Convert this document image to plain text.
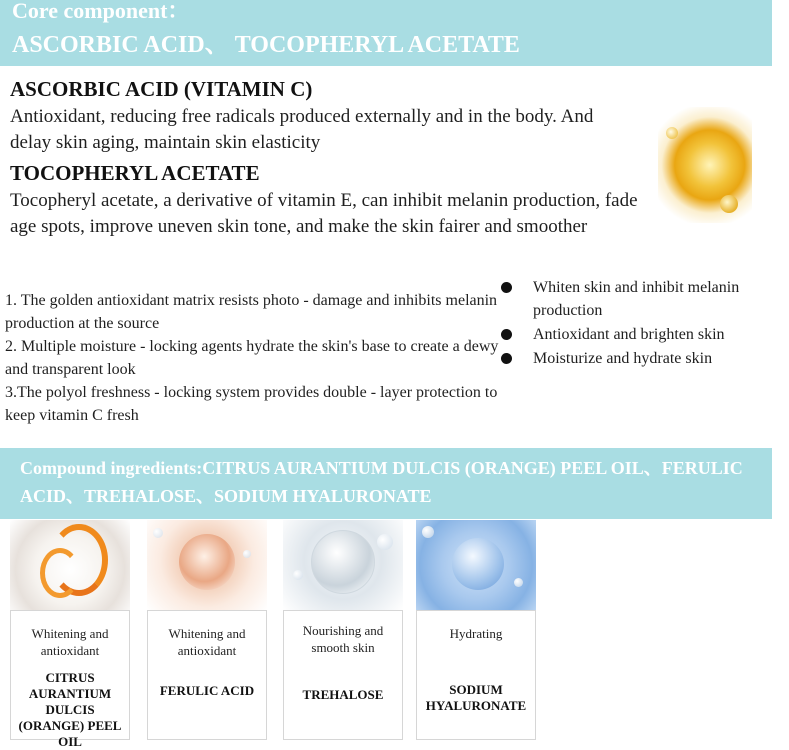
Core component：
ASCORBIC ACID、 TOCOPHERYL ACETATE
ASCORBIC ACID (VITAMIN C)
Antioxidant, reducing free radicals produced externally and in the body. And delay skin aging, maintain skin elasticity
TOCOPHERYL ACETATE
Tocopheryl acetate, a derivative of vitamin E, can inhibit melanin production, fade age spots, improve uneven skin tone, and make the skin fairer and smoother
1. The golden antioxidant matrix resists photo - damage and inhibits melanin production at the source
2. Multiple moisture - locking agents hydrate the skin's base to create a dewy and transparent look
3.The polyol freshness - locking system provides double - layer protection to keep vitamin C fresh
Whiten skin and inhibit melanin production
Antioxidant and brighten skin
Moisturize and hydrate skin
Compound ingredients:CITRUS AURANTIUM DULCIS (ORANGE) PEEL OIL、FERULIC ACID、TREHALOSE、SODIUM HYALURONATE
Whitening and antioxidant
CITRUS AURANTIUM DULCIS (ORANGE) PEEL OIL
Whitening and antioxidant
FERULIC ACID
Nourishing and smooth skin
TREHALOSE
Hydrating
SODIUM HYALURONATE
